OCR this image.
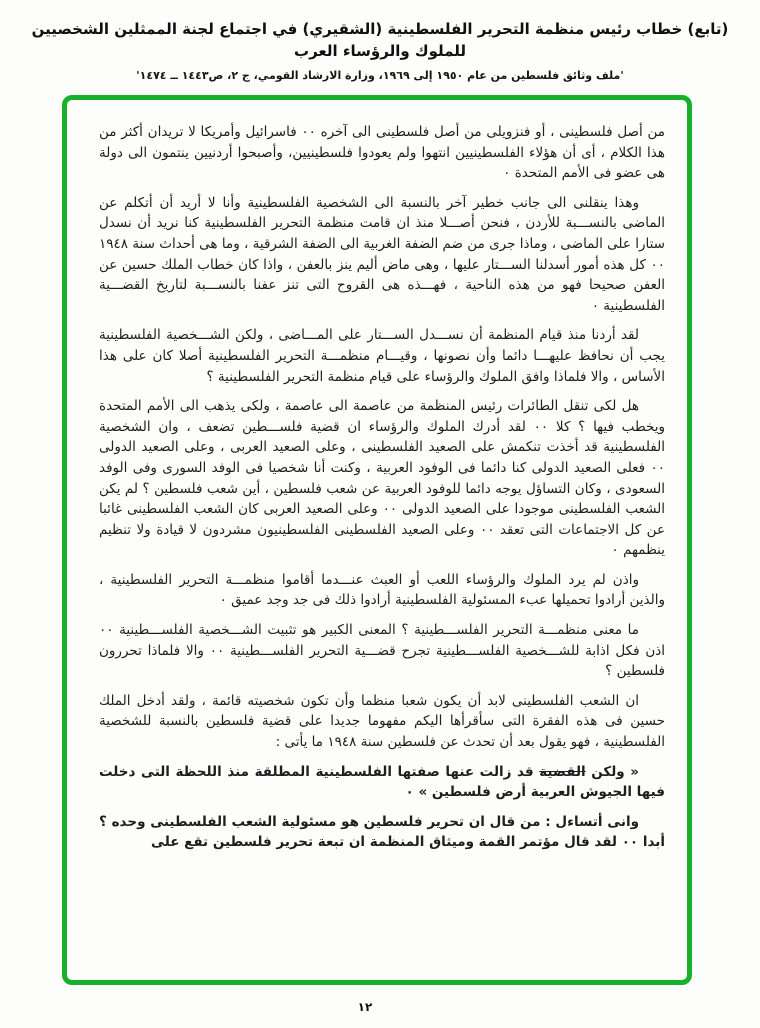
(تابع) خطاب رئيس منظمة التحرير الفلسطينية (الشقيري) في اجتماع لجنة الممثلين الشخصيين للملوك والرؤساء العرب
'ملف وثائق فلسطين من عام ١٩٥٠ إلى ١٩٦٩، وزارة الارشاد القومي، ج ٢، ص١٤٤٣ ــ ١٤٧٤'

من أصل فلسطينى ، أو فنزويلى من أصل فلسطينى الى آخره ٠٠ فاسرائيل وأمريكا لا تريدان أكثر من هذا الكلام ، أى أن هؤلاء الفلسطينيين انتهوا ولم يعودوا فلسطينيين، وأصبحوا أردنيين ينتمون الى دولة هى عضو فى الأمم المتحدة ٠

وهذا ينقلنى الى جانب خطير آخر بالنسبة الى الشخصية الفلسطينية وأنا لا أريد أن أتكلم عن الماضى بالنســـبة للأردن ، فنحن أصـــلا منذ ان قامت منظمة التحرير الفلسطينية كنا نريد أن نسدل ستارا على الماضى ، وماذا جرى من ضم الضفة الغربية الى الضفة الشرقية ، وما هى أحداث سنة ١٩٤٨ ٠٠ كل هذه أمور أسدلنا الســـتار عليها ، وهى ماض أليم ينز بالعفن ، واذا كان خطاب الملك حسين عن العفن صحيحا فهو من هذه الناحية ، فهـــذه هى القروح التى تنز عفنا بالنســـبة لتاريخ القضـــية الفلسطينية ٠

لقد أردنا منذ قيام المنظمة أن نســـدل الســـتار على المـــاضى ، ولكن الشـــخصية الفلسطينية يجب أن نحافظ عليهـــا دائما وأن نصونها ، وقيـــام منظمـــة التحرير الفلسطينية أصلا كان على هذا الأساس ، والا فلماذا وافق الملوك والرؤساء على قيام منظمة التحرير الفلسطينية ؟

هل لكى تنقل الطائرات رئيس المنظمة من عاصمة الى عاصمة ، ولكى يذهب الى الأمم المتحدة ويخطب فيها ؟ كلا ٠٠ لقد أدرك الملوك والرؤساء ان قضية فلســـطين تضعف ، وان الشخصية الفلسطينية قد أخذت تنكمش على الصعيد الفلسطينى ، وعلى الصعيد العربى ، وعلى الصعيد الدولى ٠٠ فعلى الصعيد الدولى كنا دائما فى الوفود العربية ، وكنت أنا شخصيا فى الوفد السورى وفى الوفد السعودى ، وكان التساؤل يوجه دائما للوفود العربية عن شعب فلسطين ، أين شعب فلسطين ؟ لم يكن الشعب الفلسطينى موجودا على الصعيد الدولى ٠٠ وعلى الصعيد العربى كان الشعب الفلسطينى غائبا عن كل الاجتماعات التى تعقد ٠٠ وعلى الصعيد الفلسطينى الفلسطينيون مشردون لا قيادة ولا تنظيم ينظمهم ٠

واذن لم يرد الملوك والرؤساء اللعب أو العبث عنـــدما أقاموا منظمـــة التحرير الفلسطينية ، والذين أرادوا تحميلها عبء المسئولية الفلسطينية أرادوا ذلك فى جد وجد عميق ٠

ما معنى منظمـــة التحرير الفلســـطينية ؟ المعنى الكبير هو تثبيت الشـــخصية الفلســـطينية ٠٠ اذن فكل اذابة للشـــخصية الفلســـطينية تجرح قضـــية التحرير الفلســـطينية ٠٠ والا فلماذا تحررون فلسطين ؟

ان الشعب الفلسطينى لابد أن يكون شعبا منظما وأن تكون شخصيته قائمة ، ولقد أدخل الملك حسين فى هذه الفقرة التى سأقرأها اليكم مفهوما جديدا على قضية فلسطين بالنسبة للشخصية الفلسطينية ، فهو يقول بعد أن تحدث عن فلسطين سنة ١٩٤٨ ما يأتى :

« ولكن القضية قد زالت عنها صفتها الفلسطينية المطلقة منذ اللحظة التى دخلت فيها الجيوش العربية أرض فلسطين » ٠

وانى أتساءل : من قال ان تحرير فلسطين هو مسئولية الشعب الفلسطينى وحده ؟ أبدا ٠٠ لقد قال مؤتمر القمة وميثاق المنظمة ان تبعة تحرير فلسطين تقع على

١٢
